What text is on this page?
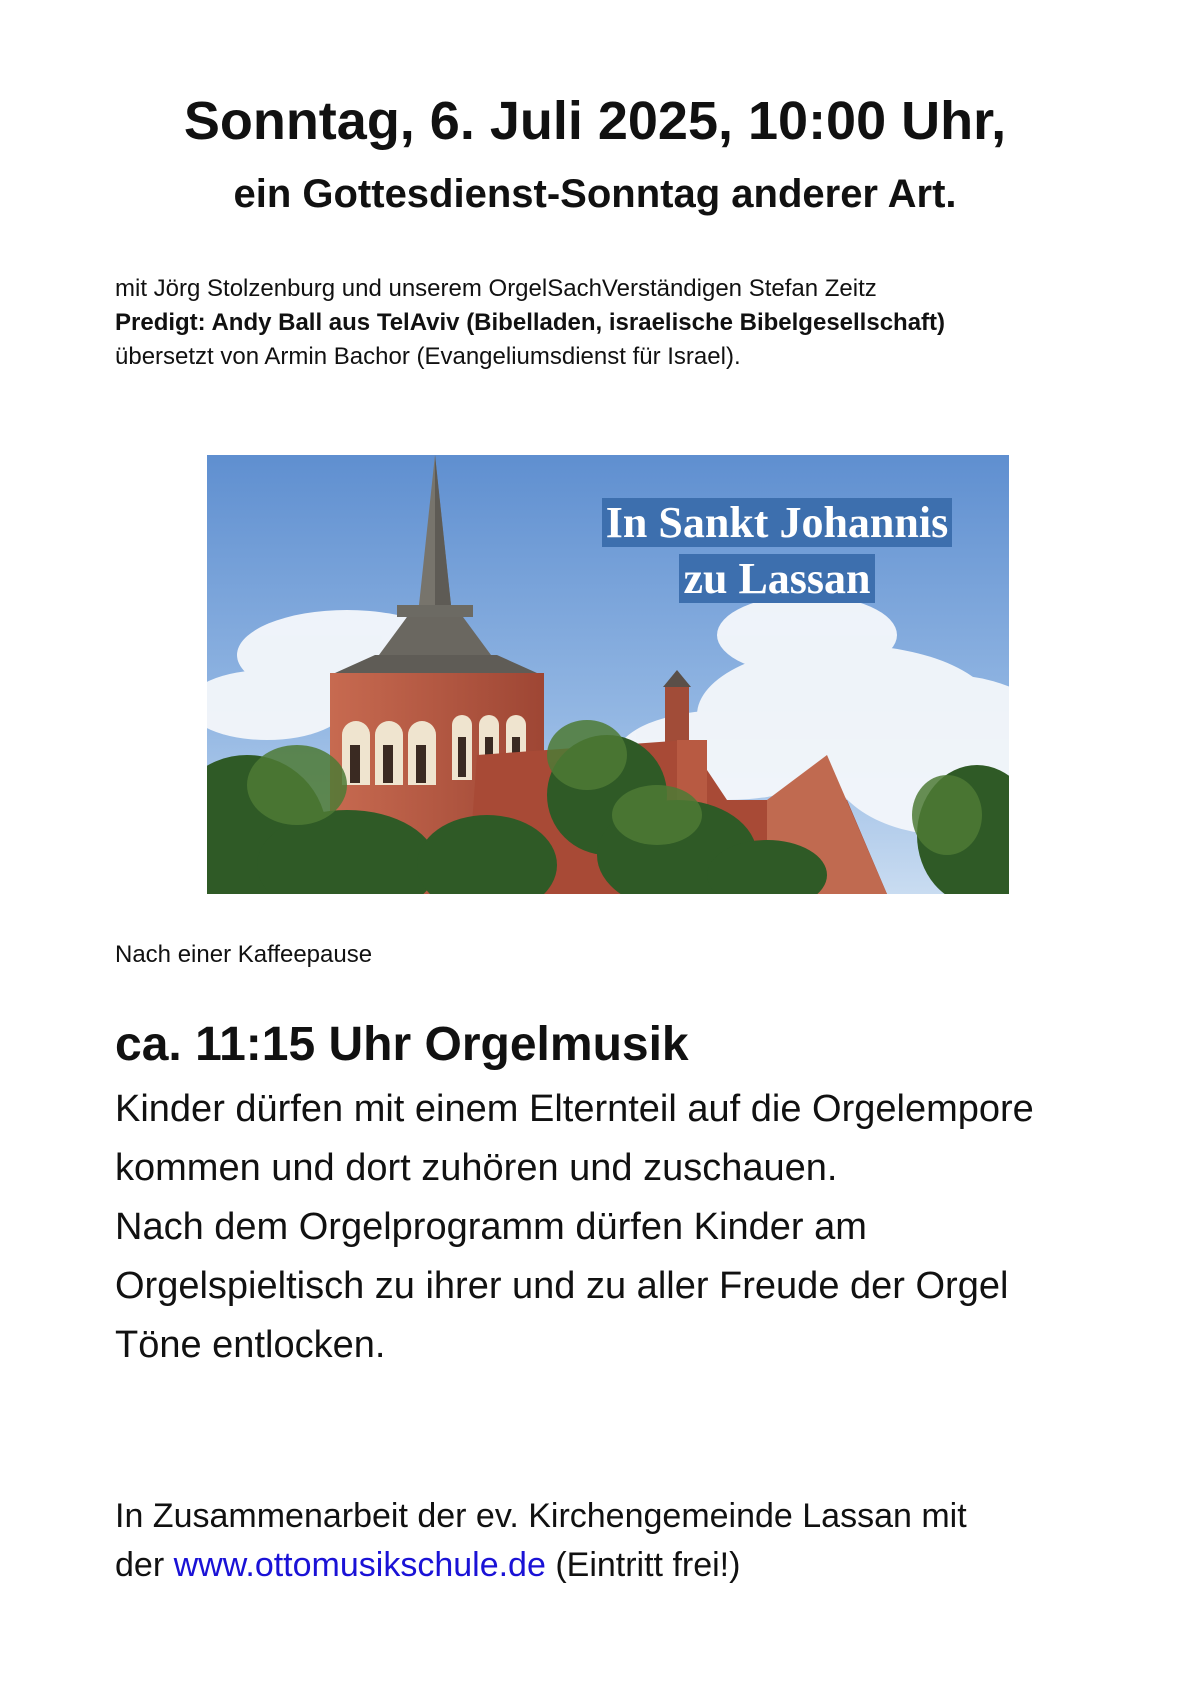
Sonntag, 6. Juli 2025, 10:00 Uhr,
ein Gottesdienst-Sonntag anderer Art.

mit Jörg Stolzenburg und unserem OrgelSachVerständigen Stefan Zeitz

Predigt: Andy Ball aus TelAviv (Bibelladen, israelische Bibelgesellschaft)

übersetzt von Armin Bachor (Evangeliumsdienst für Israel).

In Sankt Johannis
zu Lassan

Nach einer Kaffeepause

ca. 11:15 Uhr Orgelmusik

Kinder dürfen mit einem Elternteil auf die Orgelempore kommen und dort zuhören und zuschauen.

Nach dem Orgelprogramm dürfen Kinder am Orgelspieltisch zu ihrer und zu aller Freude der Orgel Töne entlocken.

In Zusammenarbeit der ev. Kirchengemeinde Lassan mit

der www.ottomusikschule.de (Eintritt frei!)
